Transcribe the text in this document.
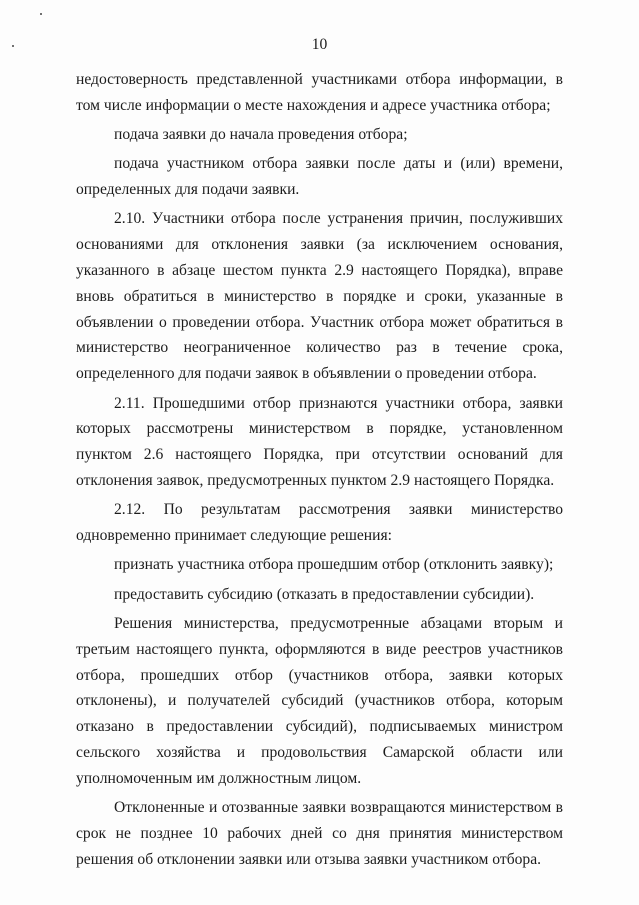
10

недостоверность представленной участниками отбора информации, в том числе информации о месте нахождения и адресе участника отбора;

подача заявки до начала проведения отбора;

подача участником отбора заявки после даты и (или) времени, определенных для подачи заявки.

2.10. Участники отбора после устранения причин, послуживших основаниями для отклонения заявки (за исключением основания, указанного в абзаце шестом пункта 2.9 настоящего Порядка), вправе вновь обратиться в министерство в порядке и сроки, указанные в объявлении о проведении отбора. Участник отбора может обратиться в министерство неограниченное количество раз в течение срока, определенного для подачи заявок в объявлении о проведении отбора.

2.11. Прошедшими отбор признаются участники отбора, заявки которых рассмотрены министерством в порядке, установленном пунктом 2.6 настоящего Порядка, при отсутствии оснований для отклонения заявок, предусмотренных пунктом 2.9 настоящего Порядка.

2.12. По результатам рассмотрения заявки министерство одновременно принимает следующие решения:

признать участника отбора прошедшим отбор (отклонить заявку);

предоставить субсидию (отказать в предоставлении субсидии).

Решения министерства, предусмотренные абзацами вторым и третьим настоящего пункта, оформляются в виде реестров участников отбора, прошедших отбор (участников отбора, заявки которых отклонены), и получателей субсидий (участников отбора, которым отказано в предоставлении субсидий), подписываемых министром сельского хозяйства и продовольствия Самарской области или уполномоченным им должностным лицом.

Отклоненные и отозванные заявки возвращаются министерством в срок не позднее 10 рабочих дней со дня принятия министерством решения об отклонении заявки или отзыва заявки участником отбора.
